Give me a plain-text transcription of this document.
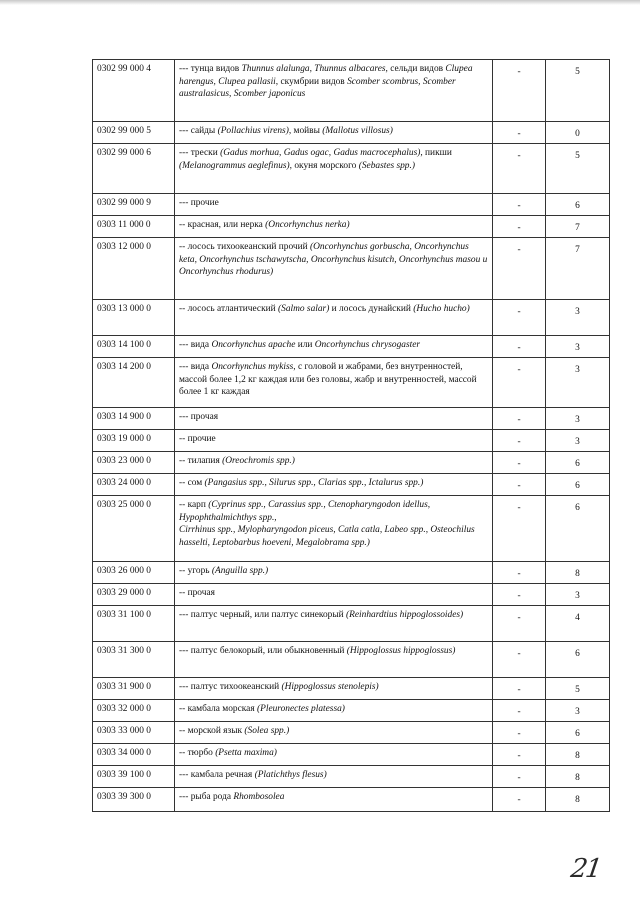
0302 99 000 4	--- тунца видов Thunnus alalunga, Thunnus albacares, сельди видов Clupea harengus, Clupea pallasii, скумбрии видов Scomber scombrus, Scomber australasicus, Scomber japonicus	-	5
0302 99 000 5	--- сайды (Pollachius virens), мойвы (Mallotus villosus)	-	0
0302 99 000 6	--- трески (Gadus morhua, Gadus ogac, Gadus macrocephalus), пикши (Melanogrammus aeglefinus), окуня морского (Sebastes spp.)	-	5
0302 99 000 9	--- прочие	-	6
0303 11 000 0	-- красная, или нерка (Oncorhynchus nerka)	-	7
0303 12 000 0	-- лосось тихоокеанский прочий (Oncorhynchus gorbuscha, Oncorhynchus keta, Oncorhynchus tschawytscha, Oncorhynchus kisutch, Oncorhynchus masou и Oncorhynchus rhodurus)	-	7
0303 13 000 0	-- лосось атлантический (Salmo salar) и лосось дунайский (Hucho hucho)	-	3
0303 14 100 0	--- вида Oncorhynchus apache или Oncorhynchus chrysogaster	-	3
0303 14 200 0	--- вида Oncorhynchus mykiss, с головой и жабрами, без внутренностей, массой более 1,2 кг каждая или без головы, жабр и внутренностей, массой более 1 кг каждая	-	3
0303 14 900 0	--- прочая	-	3
0303 19 000 0	-- прочие	-	3
0303 23 000 0	-- тилапия (Oreochromis spp.)	-	6
0303 24 000 0	-- сом (Pangasius spp., Silurus spp., Clarias spp., Ictalurus spp.)	-	6
0303 25 000 0	-- карп (Cyprinus spp., Carassius spp., Ctenopharyngodon idellus, Hypophthalmichthys spp.,
Cirrhinus spp., Mylopharyngodon piceus, Catla catla, Labeo spp., Osteochilus hasselti, Leptobarbus hoeveni, Megalobrama spp.)	-	6
0303 26 000 0	-- угорь (Anguilla spp.)	-	8
0303 29 000 0	-- прочая	-	3
0303 31 100 0	--- палтус черный, или палтус синекорый (Reinhardtius hippoglossoides)	-	4
0303 31 300 0	--- палтус белокорый, или обыкновенный (Hippoglossus hippoglossus)	-	6
0303 31 900 0	--- палтус тихоокеанский (Hippoglossus stenolepis)	-	5
0303 32 000 0	-- камбала морская (Pleuronectes platessa)	-	3
0303 33 000 0	-- морской язык (Solea spp.)	-	6
0303 34 000 0	-- тюрбо (Psetta maxima)	-	8
0303 39 100 0	--- камбала речная (Platichthys flesus)	-	8
0303 39 300 0	--- рыба рода Rhombosolea	-	8
21
